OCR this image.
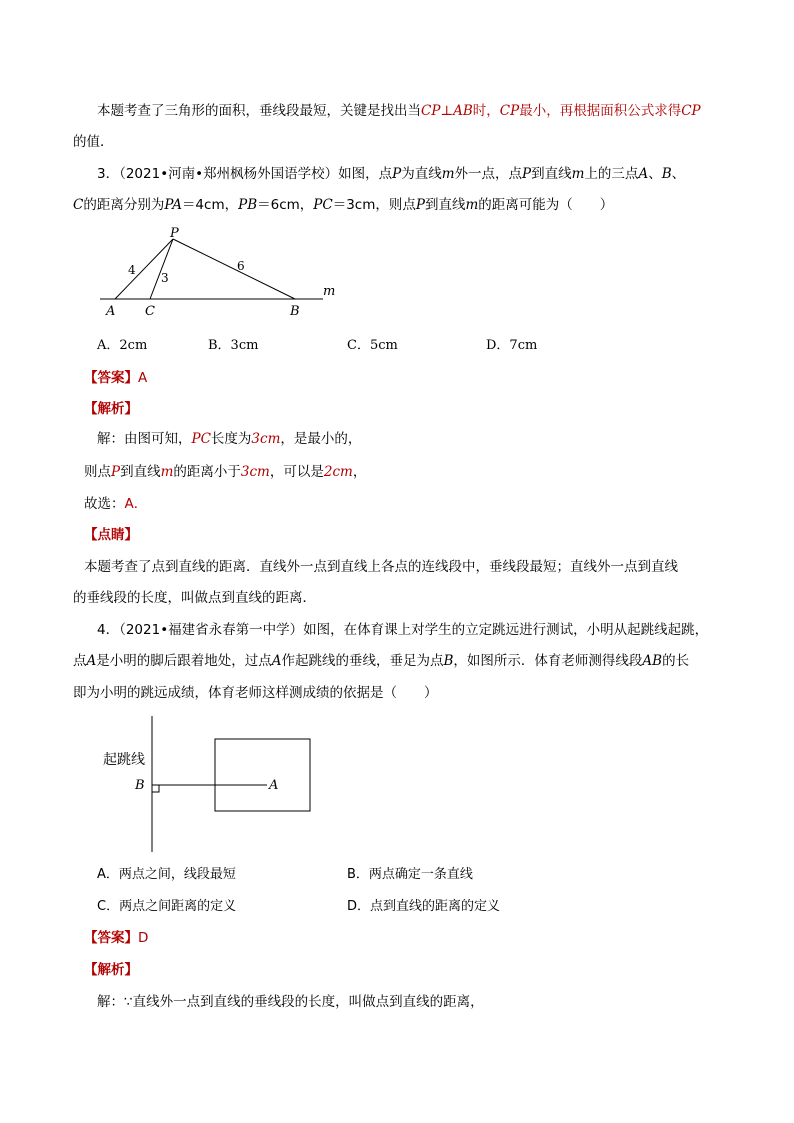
本题考查了三角形的面积，垂线段最短，关键是找出当CP⊥AB时，CP最小，再根据面积公式求得CP
的值．
3．（2021•河南•郑州枫杨外国语学校）如图，点P为直线m外一点，点P到直线m上的三点A、B、
C的距离分别为PA＝4cm，PB＝6cm，PC＝3cm，则点P到直线m的距离可能为（　　）
P
4
3
6
m
A C	B
A．2cm	B．3cm	C．5cm	D．7cm
【答案】A
【解析】
解：由图可知，PC长度为3cm，是最小的，
则点P到直线m的距离小于3cm，可以是2cm，
故选：A．
【点睛】
本题考查了点到直线的距离．直线外一点到直线上各点的连线段中，垂线段最短；直线外一点到直线
的垂线段的长度，叫做点到直线的距离．
4．（2021•福建省永春第一中学）如图，在体育课上对学生的立定跳远进行测试，小明从起跳线起跳，
点A是小明的脚后跟着地处，过点A作起跳线的垂线，垂足为点B，如图所示．体育老师测得线段AB的长
即为小明的跳远成绩，体育老师这样测成绩的依据是（　　）
起跳线
B	A
A．两点之间，线段最短	B．两点确定一条直线
C．两点之间距离的定义	D．点到直线的距离的定义
【答案】D
【解析】
解：∵直线外一点到直线的垂线段的长度，叫做点到直线的距离，
